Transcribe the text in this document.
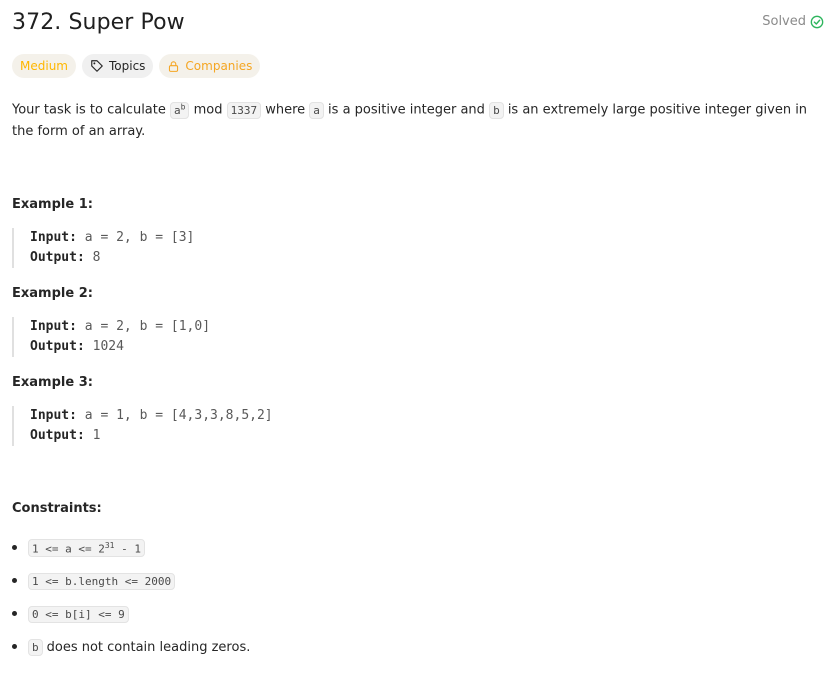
372. Super Pow	Solved
Medium	Topics	Companies
Your task is to calculate $a^b$ mod 1337 where a is a positive integer and b is an extremely large positive integer given in the form of an array.
Example 1:
Input: a = 2, b = [3]
Output: 8
Example 2:
Input: a = 2, b = [1,0]
Output: 1024
Example 3:
Input: a = 1, b = [4,3,3,8,5,2]
Output: 1
Constraints:
$1 <= a <= 2^{31} - 1$
1 <= b.length <= 2000
0 <= b[i] <= 9
b does not contain leading zeros.
